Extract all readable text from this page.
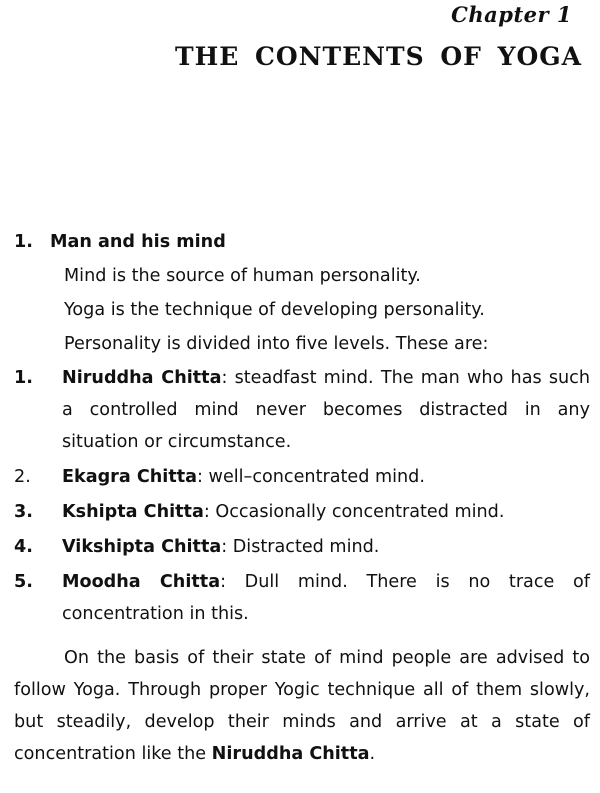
Chapter 1
THE CONTENTS OF YOGA
1. Man and his mind
Mind is the source of human personality.
Yoga is the technique of developing personality.
Personality is divided into five levels. These are:
1.	Niruddha Chitta: steadfast mind. The man who has such a controlled mind never becomes distracted in any situation or circumstance.
2.	Ekagra Chitta: well–concentrated mind.
3.	Kshipta Chitta: Occasionally concentrated mind.
4.	Vikshipta Chitta: Distracted mind.
5.	Moodha Chitta: Dull mind. There is no trace of concentration in this.

On the basis of their state of mind people are advised to follow Yoga. Through proper Yogic technique all of them slowly, but steadily, develop their minds and arrive at a state of concentration like the Niruddha Chitta.
